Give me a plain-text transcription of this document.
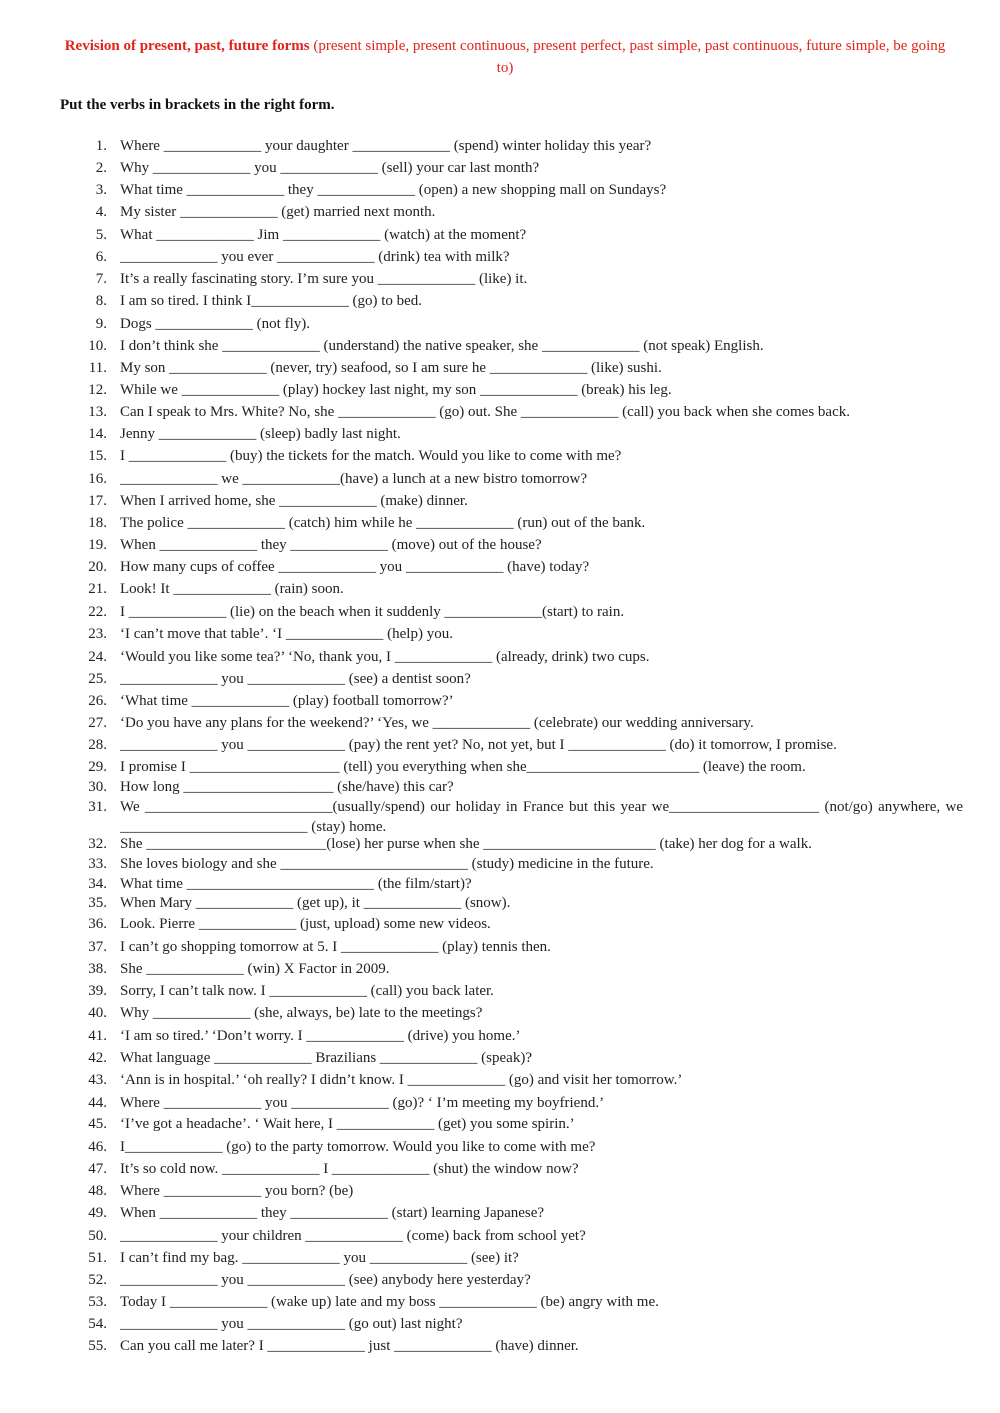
Revision of present, past, future forms (present simple, present continuous, present perfect, past simple, past continuous, future simple, be going to)
Put the verbs in brackets in the right form.
1. Where _____________ your daughter _____________ (spend) winter holiday this year?
2. Why _____________ you _____________ (sell) your car last month?
3. What time _____________ they _____________ (open) a new shopping mall on Sundays?
4. My sister _____________ (get) married next month.
5. What _____________ Jim _____________ (watch) at the moment?
6. _____________ you ever _____________ (drink) tea with milk?
7. It’s a really fascinating story. I’m sure you _____________ (like) it.
8. I am so tired. I think I_____________ (go) to bed.
9. Dogs _____________ (not fly).
10. I don’t think she _____________ (understand) the native speaker, she _____________ (not speak) English.
11. My son _____________ (never, try) seafood, so I am sure he _____________ (like) sushi.
12. While we _____________ (play) hockey last night, my son _____________ (break) his leg.
13. Can I speak to Mrs. White? No, she _____________ (go) out. She _____________ (call) you back when she comes back.
14. Jenny _____________ (sleep) badly last night.
15. I _____________ (buy) the tickets for the match. Would you like to come with me?
16. _____________ we _____________(have) a lunch at a new bistro tomorrow?
17. When I arrived home, she _____________ (make) dinner.
18. The police _____________ (catch) him while he _____________ (run) out of the bank.
19. When _____________ they _____________ (move) out of the house?
20. How many cups of coffee _____________ you _____________ (have) today?
21. Look! It _____________ (rain) soon.
22. I _____________ (lie) on the beach when it suddenly _____________(start) to rain.
23. ‘I can’t move that table’. ‘I _____________ (help) you.
24. ‘Would you like some tea?’ ‘No, thank you, I _____________ (already, drink) two cups.
25. _____________ you _____________ (see) a dentist soon?
26. ‘What time _____________ (play) football tomorrow?’
27. ‘Do you have any plans for the weekend?’ ‘Yes, we _____________ (celebrate) our wedding anniversary.
28. _____________ you _____________ (pay) the rent yet? No, not yet, but I _____________ (do) it tomorrow, I promise.
29. I promise I ____________________ (tell) you everything when she_______________________ (leave) the room.
30. How long ____________________ (she/have) this car?
31. We _________________________(usually/spend) our holiday in France but this year we____________________ (not/go) anywhere, we _________________________ (stay) home.
32. She ________________________(lose) her purse when she _______________________ (take) her dog for a walk.
33. She loves biology and she _________________________ (study) medicine in the future.
34. What time _________________________ (the film/start)?
35. When Mary _____________ (get up), it _____________ (snow).
36. Look. Pierre _____________ (just, upload) some new videos.
37. I can’t go shopping tomorrow at 5. I _____________ (play) tennis then.
38. She _____________ (win) X Factor in 2009.
39. Sorry, I can’t talk now. I _____________ (call) you back later.
40. Why _____________ (she, always, be) late to the meetings?
41. ‘I am so tired.’ ‘Don’t worry. I _____________ (drive) you home.’
42. What language _____________ Brazilians _____________ (speak)?
43. ‘Ann is in hospital.’ ‘oh really? I didn’t know. I _____________ (go) and visit her tomorrow.’
44. Where _____________ you _____________ (go)? ‘ I’m meeting my boyfriend.’
45. ‘I’ve got a headache’. ‘ Wait here, I _____________ (get) you some spirin.’
46. I_____________ (go) to the party tomorrow. Would you like to come with me?
47. It’s so cold now. _____________ I _____________ (shut) the window now?
48. Where _____________ you born? (be)
49. When _____________ they _____________ (start) learning Japanese?
50. _____________ your children _____________ (come) back from school yet?
51. I can’t find my bag. _____________ you _____________ (see) it?
52. _____________ you _____________ (see) anybody here yesterday?
53. Today I _____________ (wake up) late and my boss _____________ (be) angry with me.
54. _____________ you _____________ (go out) last night?
55. Can you call me later? I _____________ just _____________ (have) dinner.
